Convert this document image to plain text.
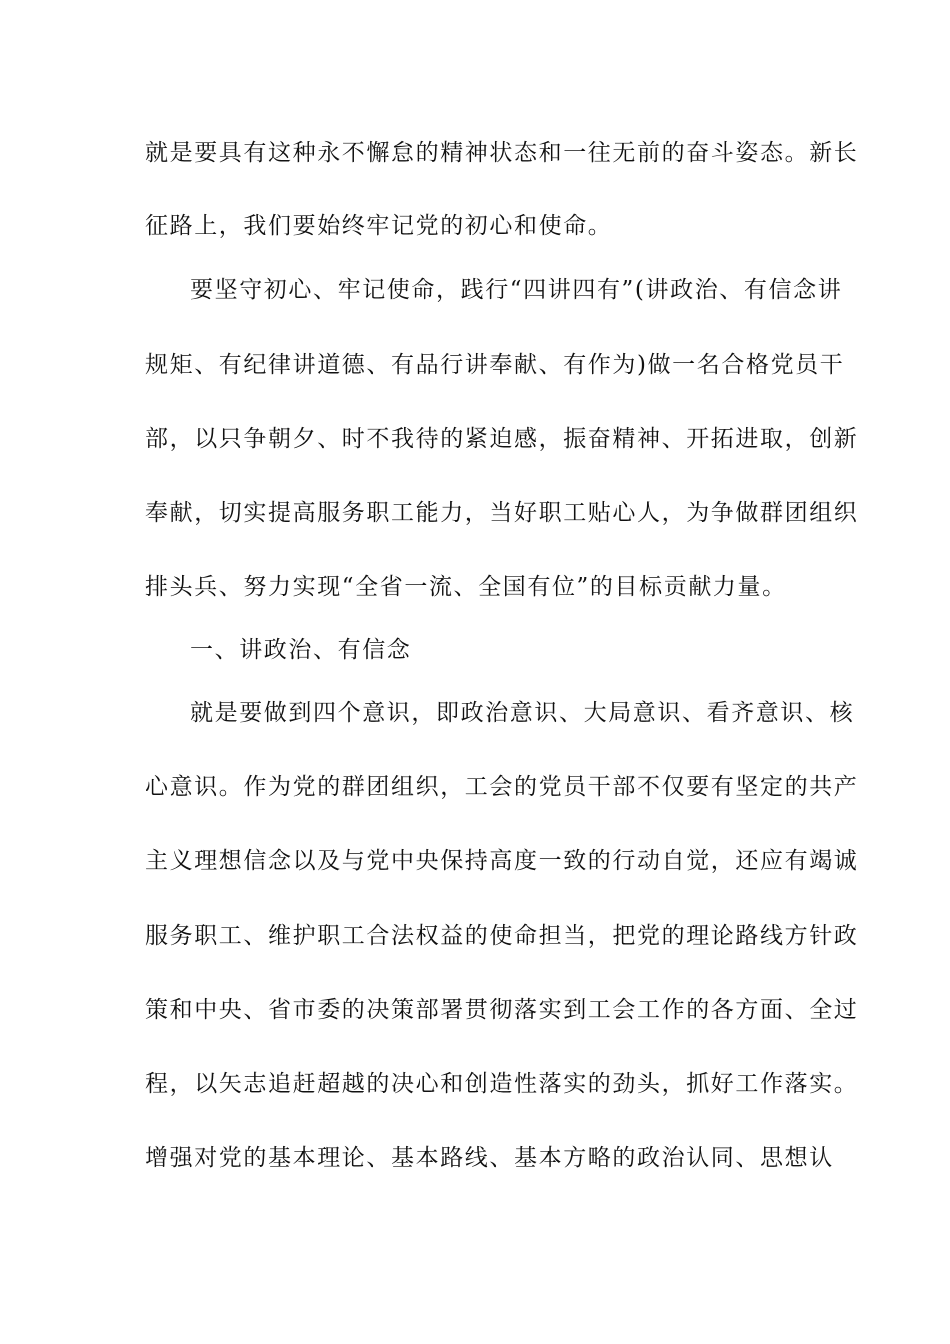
就是要具有这种永不懈怠的精神状态和一往无前的奋斗姿态。新长
征路上，我们要始终牢记党的初心和使命。
要坚守初心、牢记使命，践行“四讲四有”(讲政治、有信念讲
规矩、有纪律讲道德、有品行讲奉献、有作为)做一名合格党员干
部，以只争朝夕、时不我待的紧迫感，振奋精神、开拓进取，创新
奉献，切实提高服务职工能力，当好职工贴心人，为争做群团组织
排头兵、努力实现“全省一流、全国有位”的目标贡献力量。
一、讲政治、有信念
就是要做到四个意识，即政治意识、大局意识、看齐意识、核
心意识。作为党的群团组织，工会的党员干部不仅要有坚定的共产
主义理想信念以及与党中央保持高度一致的行动自觉，还应有竭诚
服务职工、维护职工合法权益的使命担当，把党的理论路线方针政
策和中央、省市委的决策部署贯彻落实到工会工作的各方面、全过
程，以矢志追赶超越的决心和创造性落实的劲头，抓好工作落实。
增强对党的基本理论、基本路线、基本方略的政治认同、思想认
